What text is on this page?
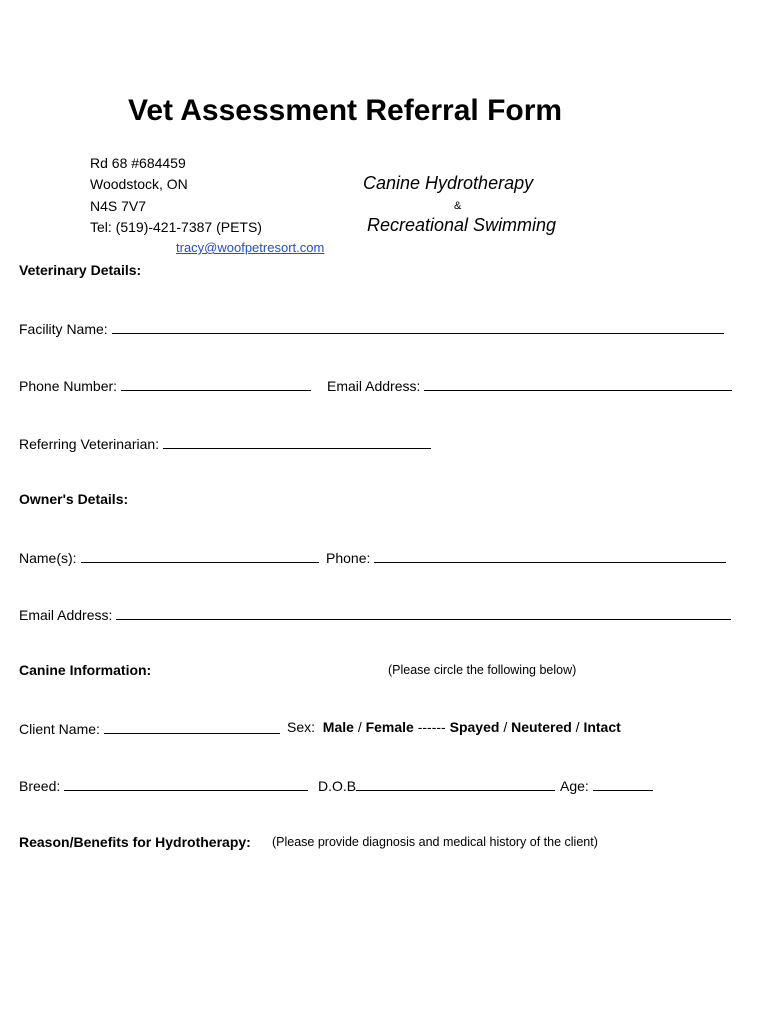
Vet Assessment Referral Form
Rd 68 #684459
Woodstock, ON
N4S 7V7
Tel: (519)-421-7387 (PETS)
tracy@woofpetresort.com
Canine Hydrotherapy
&
Recreational Swimming
Veterinary Details:
Facility Name:
Phone Number:	Email Address:
Referring Veterinarian:
Owner's Details:
Name(s):	Phone:
Email Address:
Canine Information:	(Please circle the following below)
Client Name:	Sex: Male / Female ------ Spayed / Neutered / Intact
Breed:	D.O.B	Age:
Reason/Benefits for Hydrotherapy: (Please provide diagnosis and medical history of the client)
